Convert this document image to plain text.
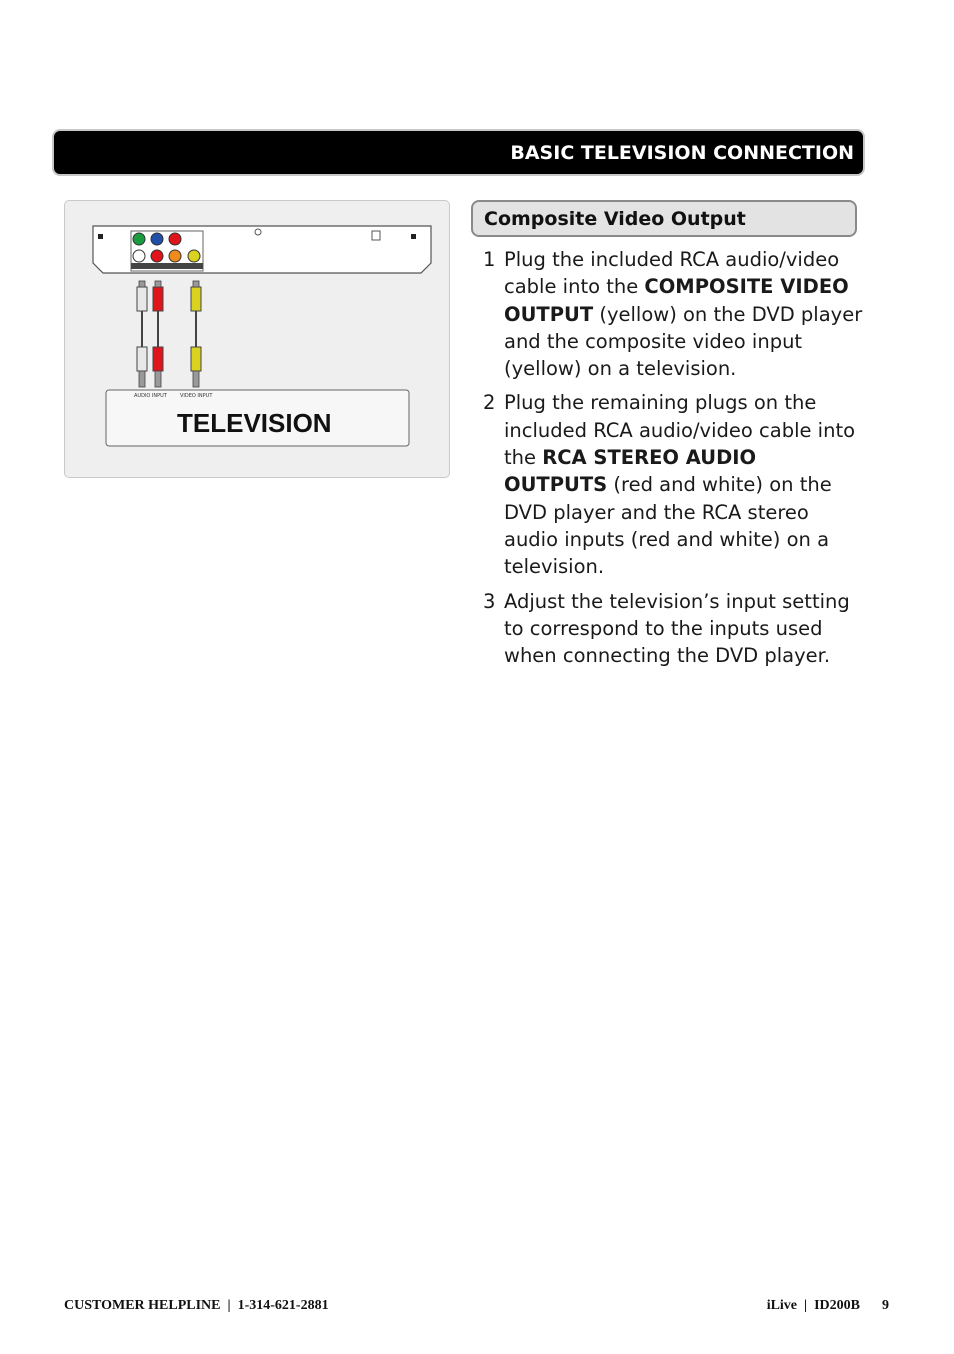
BASIC TELEVISION CONNECTION
AUDIO INPUT	VIDEO INPUT
TELEVISION
Composite Video Output
1 Plug the included RCA audio/video cable into the COMPOSITE VIDEO OUTPUT (yellow) on the DVD player and the composite video input (yellow) on a television.
2 Plug the remaining plugs on the included RCA audio/video cable into the RCA STEREO AUDIO OUTPUTS (red and white) on the DVD player and the RCA stereo audio inputs (red and white) on a television.
3 Adjust the television’s input setting to correspond to the inputs used when connecting the DVD player.
CUSTOMER HELPLINE  |  1-314-621-2881	iLive  |  ID200B 9
